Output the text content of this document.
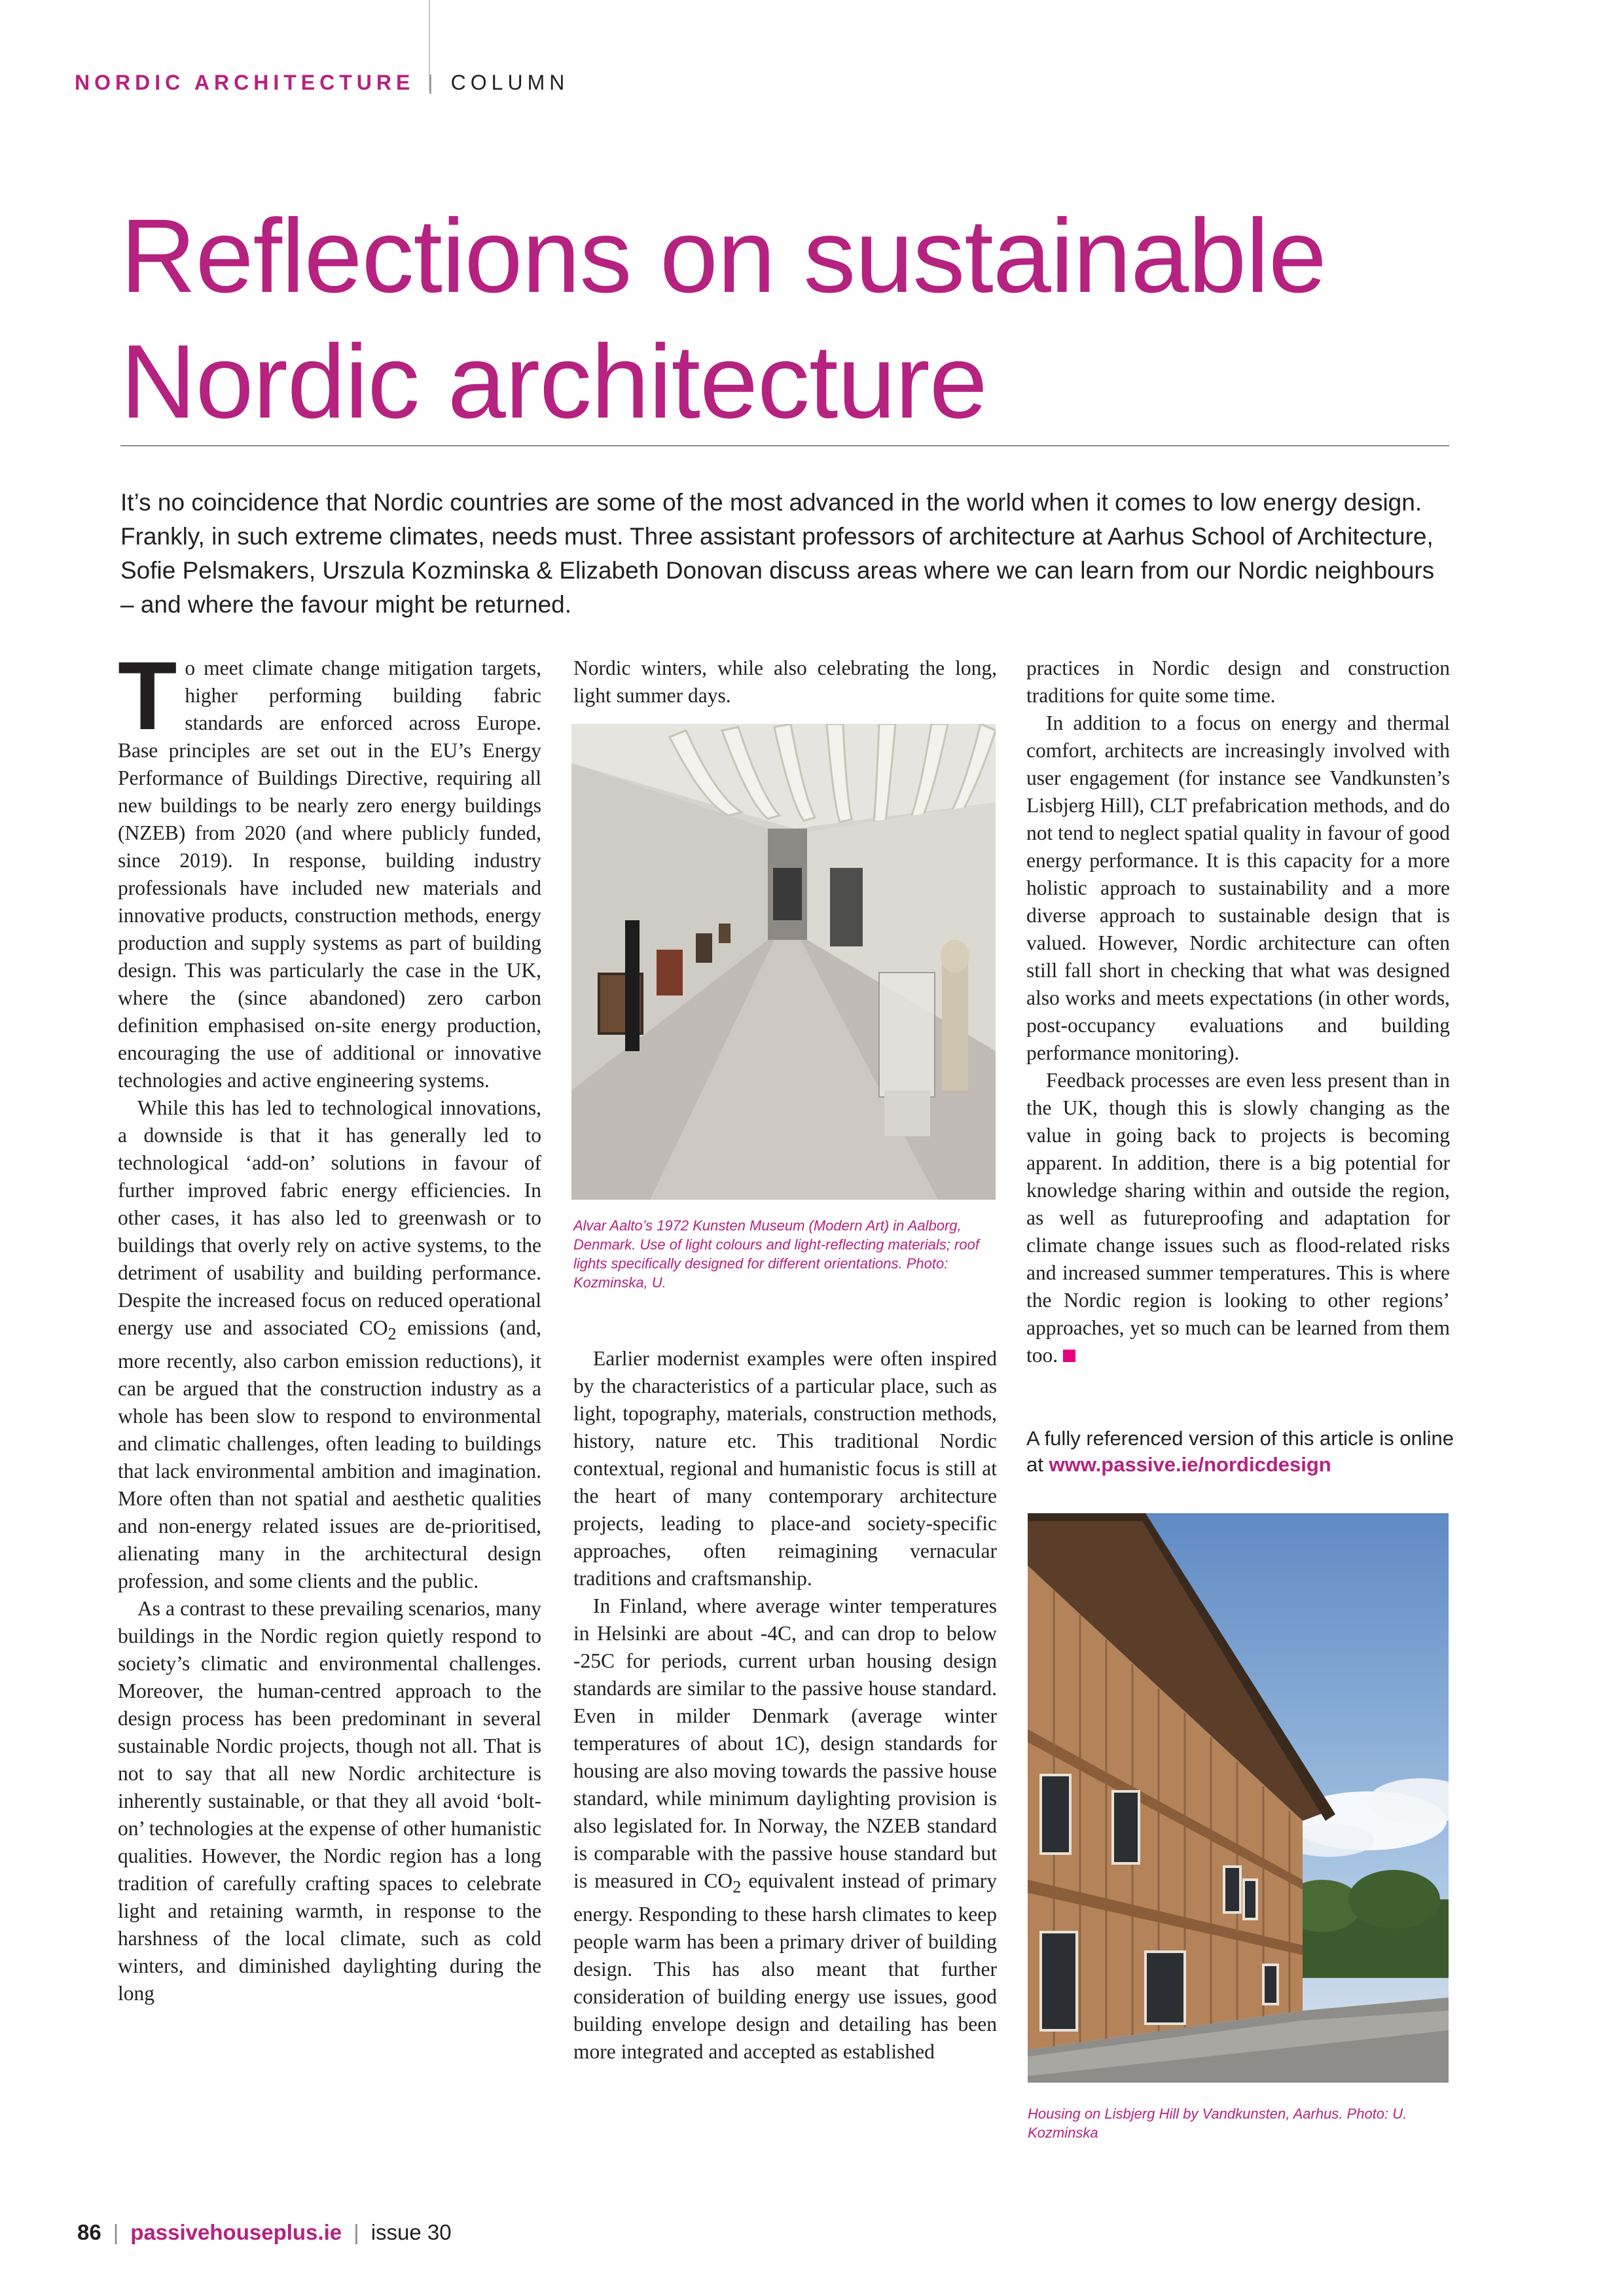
NORDIC ARCHITECTURE | COLUMN
Reflections on sustainable
Nordic architecture

It’s no coincidence that Nordic countries are some of the most advanced in the world when it comes to low energy design. Frankly, in such extreme climates, needs must. Three assistant professors of architecture at Aarhus School of Architecture, Sofie Pelsmakers, Urszula Kozminska & Elizabeth Donovan discuss areas where we can learn from our Nordic neighbours – and where the favour might be returned.

To meet climate change mitigation targets, higher performing building fabric standards are enforced across Europe. Base principles are set out in the EU’s Energy Performance of Buildings Directive, requiring all new buildings to be nearly zero energy buildings (NZEB) from 2020 (and where publicly funded, since 2019). In response, building industry professionals have included new materials and innovative products, construction methods, energy production and supply systems as part of building design. This was particularly the case in the UK, where the (since abandoned) zero carbon definition emphasised on-site energy production, encouraging the use of additional or innovative technologies and active engineering systems.

While this has led to technological innovations, a downside is that it has generally led to technological ‘add-on’ solutions in favour of further improved fabric energy efficiencies. In other cases, it has also led to greenwash or to buildings that overly rely on active systems, to the detriment of usability and building performance. Despite the increased focus on reduced operational energy use and associated $CO_2$ emissions (and, more recently, also carbon emission reductions), it can be argued that the construction industry as a whole has been slow to respond to environmental and climatic challenges, often leading to buildings that lack environmental ambition and imagination. More often than not spatial and aesthetic qualities and non-energy related issues are de-prioritised, alienating many in the architectural design profession, and some clients and the public.

As a contrast to these prevailing scenarios, many buildings in the Nordic region quietly respond to society’s climatic and environmental challenges. Moreover, the human-centred approach to the design process has been predominant in several sustainable Nordic projects, though not all. That is not to say that all new Nordic architecture is inherently sustainable, or that they all avoid ‘bolt-on’ technologies at the expense of other humanistic qualities. However, the Nordic region has a long tradition of carefully crafting spaces to celebrate light and retaining warmth, in response to the harshness of the local climate, such as cold winters, and diminished daylighting during the long

Nordic winters, while also celebrating the long, light summer days.

Alvar Aalto’s 1972 Kunsten Museum (Modern Art) in Aalborg, Denmark. Use of light colours and light-reflecting materials; roof lights specifically designed for different orientations. Photo: Kozminska, U.

Earlier modernist examples were often inspired by the characteristics of a particular place, such as light, topography, materials, construction methods, history, nature etc. This traditional Nordic contextual, regional and humanistic focus is still at the heart of many contemporary architecture projects, leading to place-and society-specific approaches, often reimagining vernacular traditions and craftsmanship.

In Finland, where average winter temperatures in Helsinki are about -4C, and can drop to below -25C for periods, current urban housing design standards are similar to the passive house standard. Even in milder Denmark (average winter temperatures of about 1C), design standards for housing are also moving towards the passive house standard, while minimum daylighting provision is also legislated for. In Norway, the NZEB standard is comparable with the passive house standard but is measured in $CO_2$ equivalent instead of primary energy. Responding to these harsh climates to keep people warm has been a primary driver of building design. This has also meant that further consideration of building energy use issues, good building envelope design and detailing has been more integrated and accepted as established

practices in Nordic design and construction traditions for quite some time.

In addition to a focus on energy and thermal comfort, architects are increasingly involved with user engagement (for instance see Vandkunsten’s Lisbjerg Hill), CLT prefabrication methods, and do not tend to neglect spatial quality in favour of good energy performance. It is this capacity for a more holistic approach to sustainability and a more diverse approach to sustainable design that is valued. However, Nordic architecture can often still fall short in checking that what was designed also works and meets expectations (in other words, post-occupancy evaluations and building performance monitoring).

Feedback processes are even less present than in the UK, though this is slowly changing as the value in going back to projects is becoming apparent. In addition, there is a big potential for knowledge sharing within and outside the region, as well as futureproofing and adaptation for climate change issues such as flood-related risks and increased summer temperatures. This is where the Nordic region is looking to other regions’ approaches, yet so much can be learned from them too.

A fully referenced version of this article is online at www.passive.ie/nordicdesign

Housing on Lisbjerg Hill by Vandkunsten, Aarhus. Photo: U. Kozminska

86 | passivehouseplus.ie | issue 30
